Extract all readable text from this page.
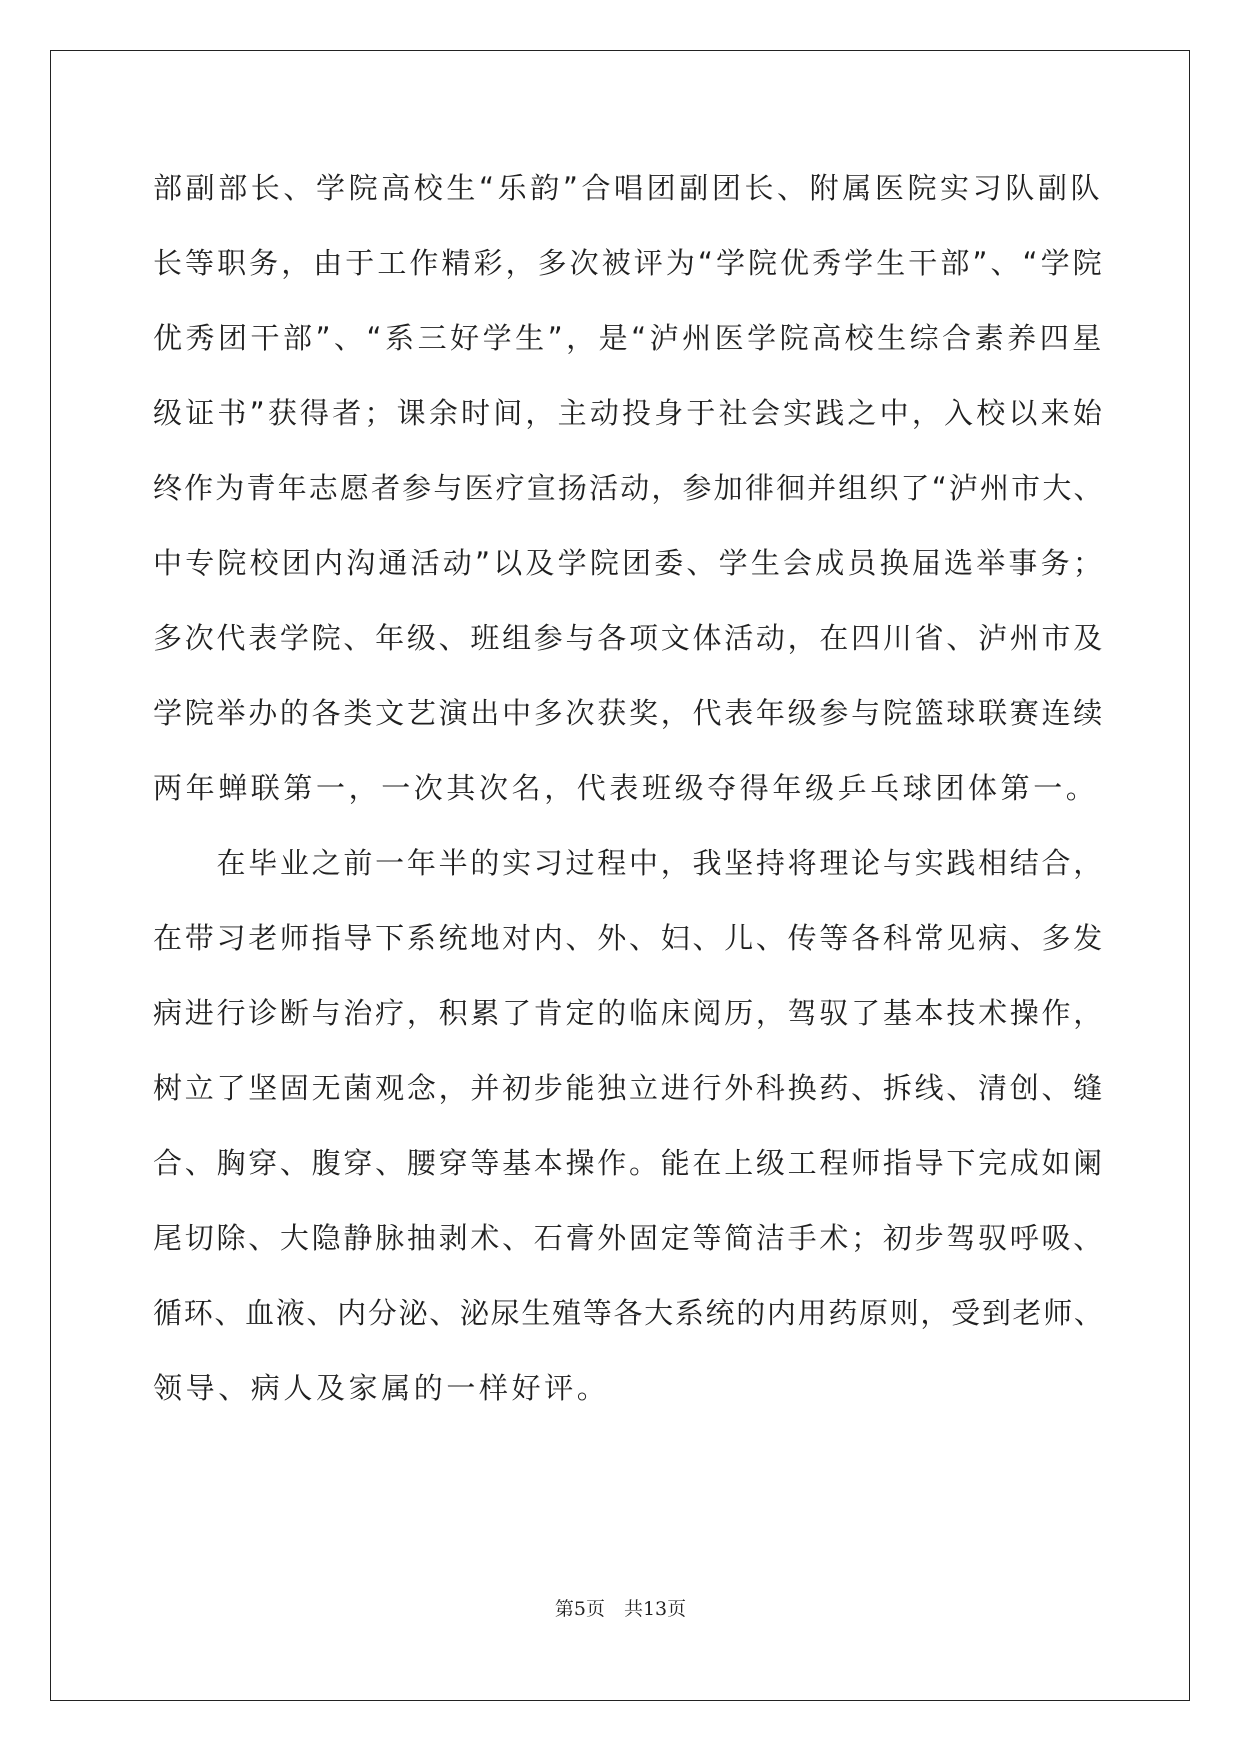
部副部长、学院高校生“乐韵”合唱团副团长、附属医院实习队副队
长等职务，由于工作精彩，多次被评为“学院优秀学生干部”、“学院
优秀团干部”、“系三好学生”，是“泸州医学院高校生综合素养四星
级证书”获得者；课余时间，主动投身于社会实践之中，入校以来始
终作为青年志愿者参与医疗宣扬活动，参加徘徊并组织了“泸州市大、
中专院校团内沟通活动”以及学院团委、学生会成员换届选举事务；
多次代表学院、年级、班组参与各项文体活动，在四川省、泸州市及
学院举办的各类文艺演出中多次获奖，代表年级参与院篮球联赛连续
两年蝉联第一，一次其次名，代表班级夺得年级乒乓球团体第一。
　　在毕业之前一年半的实习过程中，我坚持将理论与实践相结合，
在带习老师指导下系统地对内、外、妇、儿、传等各科常见病、多发
病进行诊断与治疗，积累了肯定的临床阅历，驾驭了基本技术操作，
树立了坚固无菌观念，并初步能独立进行外科换药、拆线、清创、缝
合、胸穿、腹穿、腰穿等基本操作。能在上级工程师指导下完成如阑
尾切除、大隐静脉抽剥术、石膏外固定等简洁手术；初步驾驭呼吸、
循环、血液、内分泌、泌尿生殖等各大系统的内用药原则，受到老师、
领导、病人及家属的一样好评。
第5页　共13页
